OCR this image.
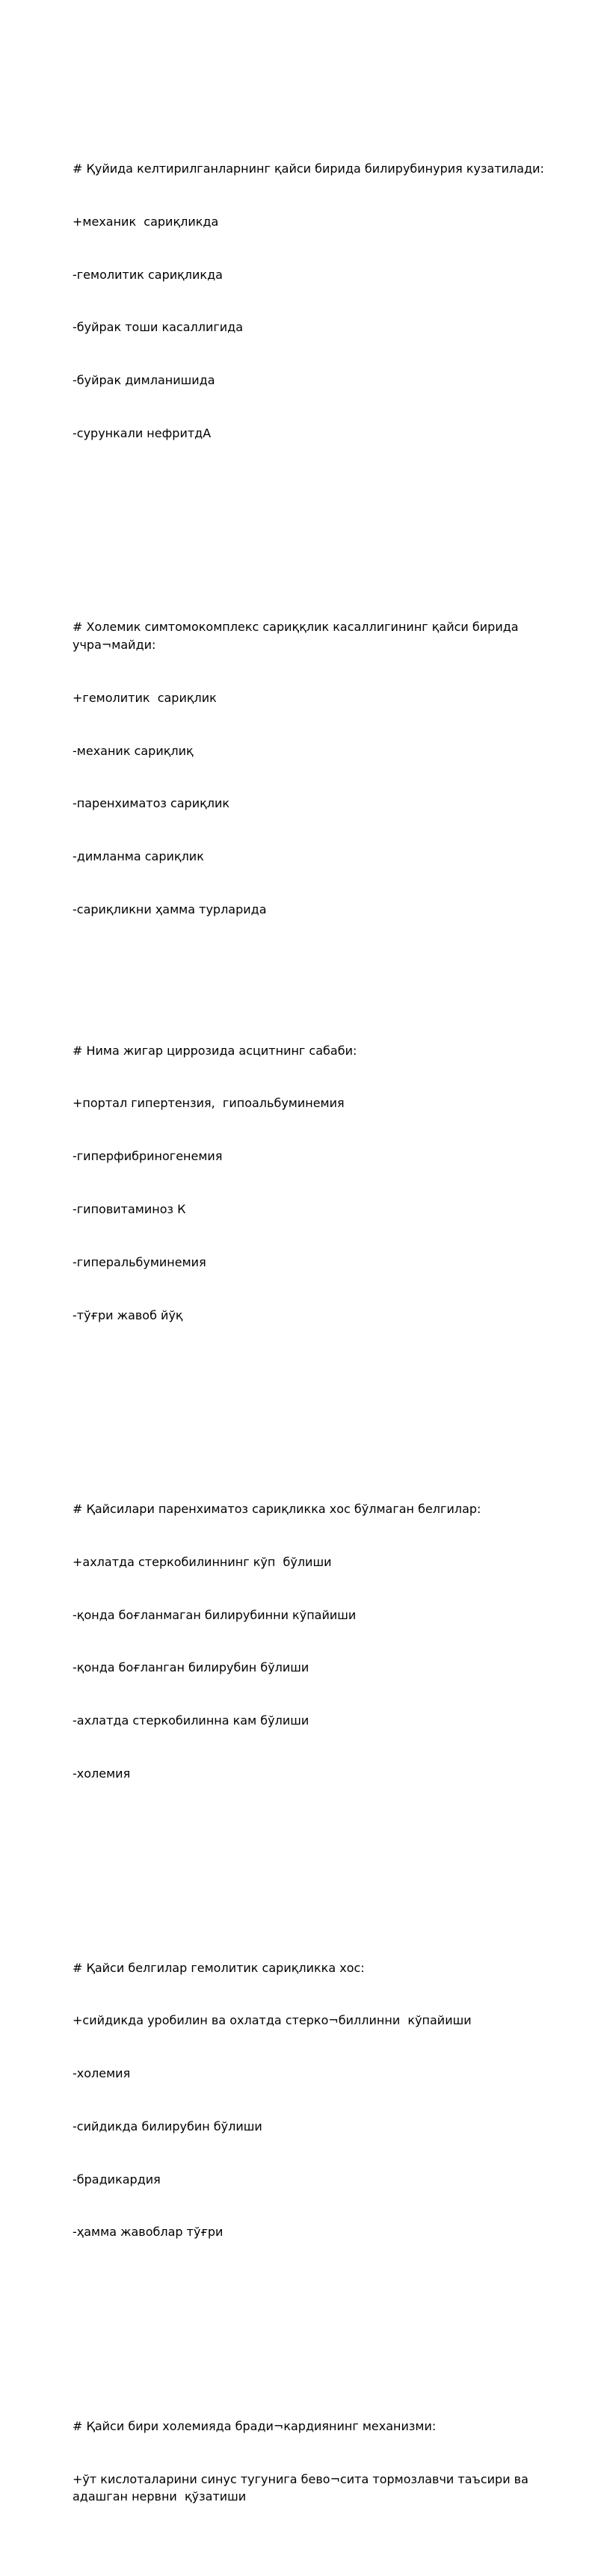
# Қуйида келтирилганларнинг қайси бирида билирубинурия кузатилади:

+механик  сариқликда

-гемолитик сариқликда

-буйрак тоши касаллигида

-буйрак димланишида

-сурункали нефритдА

# Холемик симтомокомплекс сариққлик касаллигининг қайси бирида учра¬майди:

+гемолитик  сариқлик

-механик сариқлиқ

-паренхиматоз сариқлик

-димланма сариқлик

-сариқликни ҳамма турларида

# Нима жигар циррозида асцитнинг сабаби:

+портал гипертензия,  гипоальбуминемия

-гиперфибриногенемия

-гиповитаминоз К

-гиперальбуминемия

-тўғри жавоб йўқ

# Қайсилари паренхиматоз сариқликка хос бўлмаган белгилар:

+ахлатда стеркобилиннинг кўп  бўлиши

-қонда боғланмаган билирубинни кўпайиши

-қонда боғланган билирубин бўлиши

-ахлатда стеркобилинна кам бўлиши

-холемия

# Қайси белгилар гемолитик сариқликка хос:

+сийдикда уробилин ва охлатда стерко¬биллинни  кўпайиши

-холемия

-сийдикда билирубин бўлиши

-брадикардия

-ҳамма жавоблар тўғри

# Қайси бири холемияда бради¬кардиянинг механизми:

+ўт кислоталарини синус тугунига бево¬сита тормозлавчи таъсири ва адашган нервни  қўзатиши
